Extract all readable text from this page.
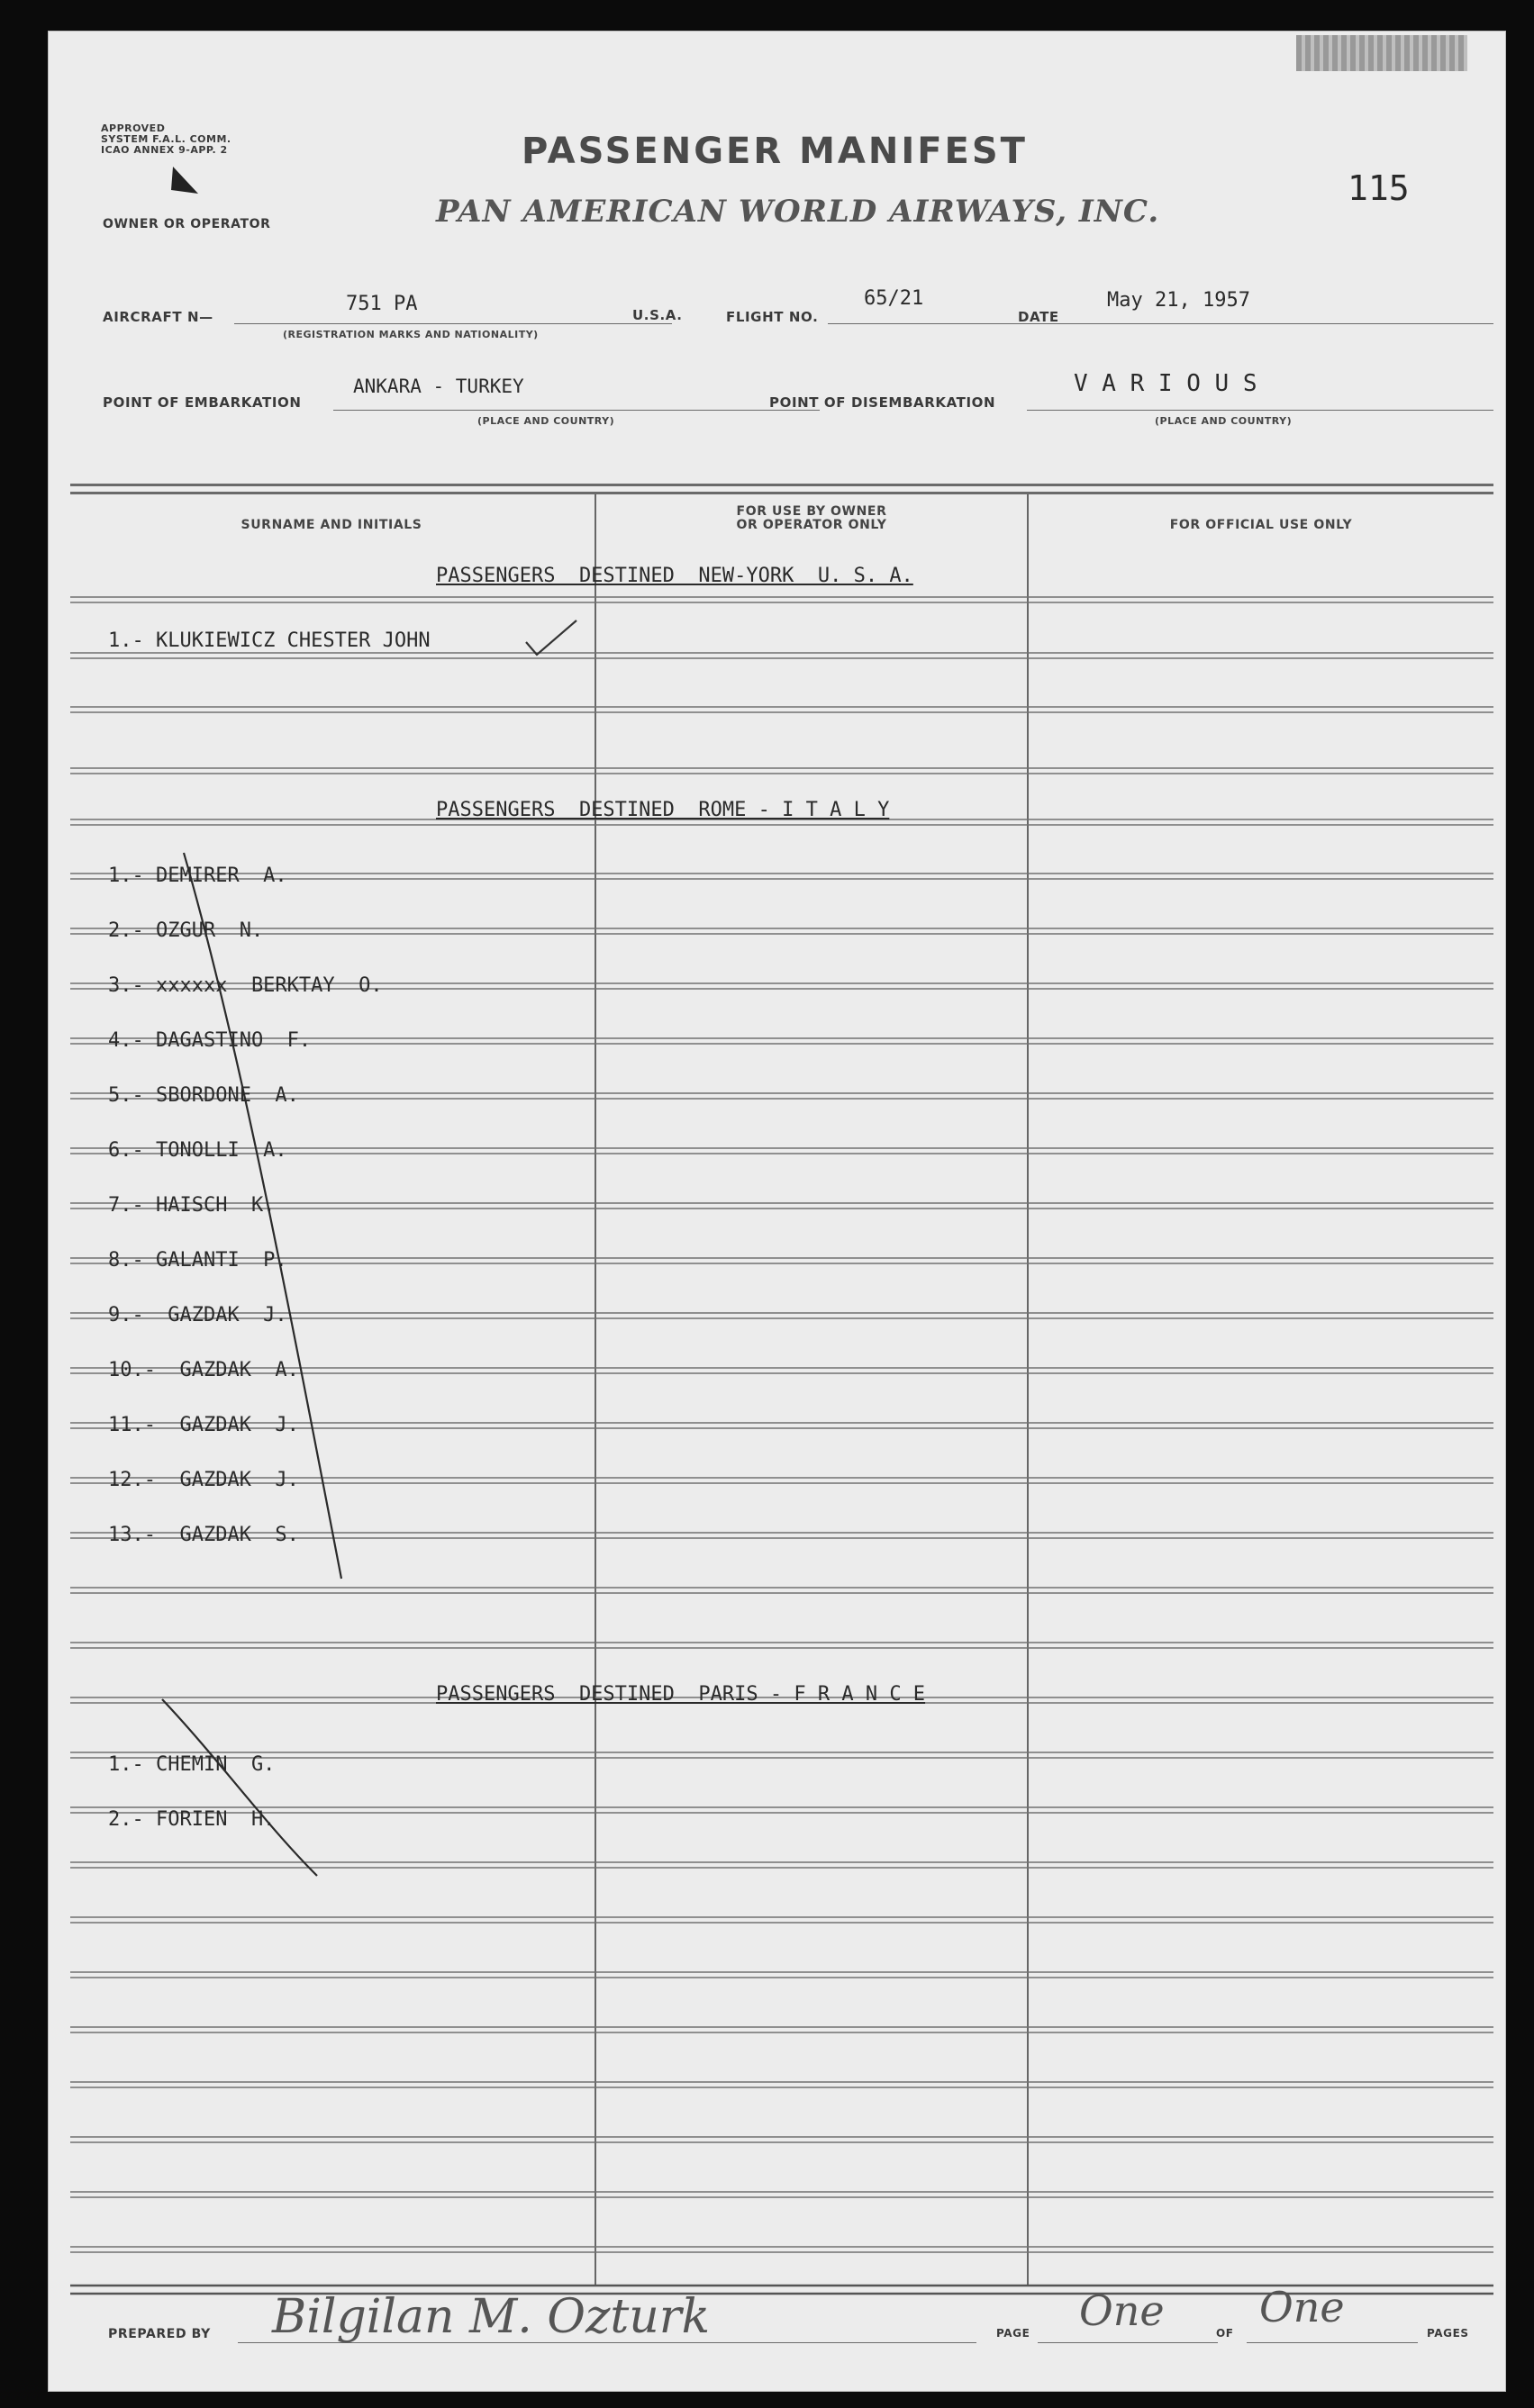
APPROVED
SYSTEM F.A.L. COMM.
ICAO ANNEX 9-APP. 2	PASSENGER MANIFEST
PAN AMERICAN WORLD AIRWAYS, INC.
OWNER OR OPERATOR
115
AIRCRAFT N—
751 PA
(REGISTRATION MARKS AND NATIONALITY)
U.S.A.	FLIGHT NO.
65/21
DATE
May 21, 1957
POINT OF EMBARKATION
ANKARA - TURKEY
(PLACE AND COUNTRY)
POINT OF DISEMBARKATION
V A R I O U S
(PLACE AND COUNTRY)
SURNAME AND INITIALS
FOR USE BY OWNER
OR OPERATOR ONLY	FOR OFFICIAL USE ONLY
PASSENGERS  DESTINED  NEW-YORK  U. S. A.
PASSENGERS  DESTINED  ROME - I T A L Y
PASSENGERS  DESTINED  PARIS - F R A N C E
1.- KLUKIEWICZ CHESTER JOHN
1.- DEMIRER  A.
2.- OZGUR  N.
3.- xxxxxx  BERKTAY  O.
4.- DAGASTINO  F.
5.- SBORDONE  A.
6.- TONOLLI  A.
7.- HAISCH  K.
8.- GALANTI  P.
9.-  GAZDAK  J.
10.-  GAZDAK  A.
11.-  GAZDAK  J.
12.-  GAZDAK  J.
13.-  GAZDAK  S.
1.- CHEMIN  G.
2.- FORIEN  H.
PREPARED BY Bilgilan M. Ozturk	PAGE One	OF
One
PAGES
